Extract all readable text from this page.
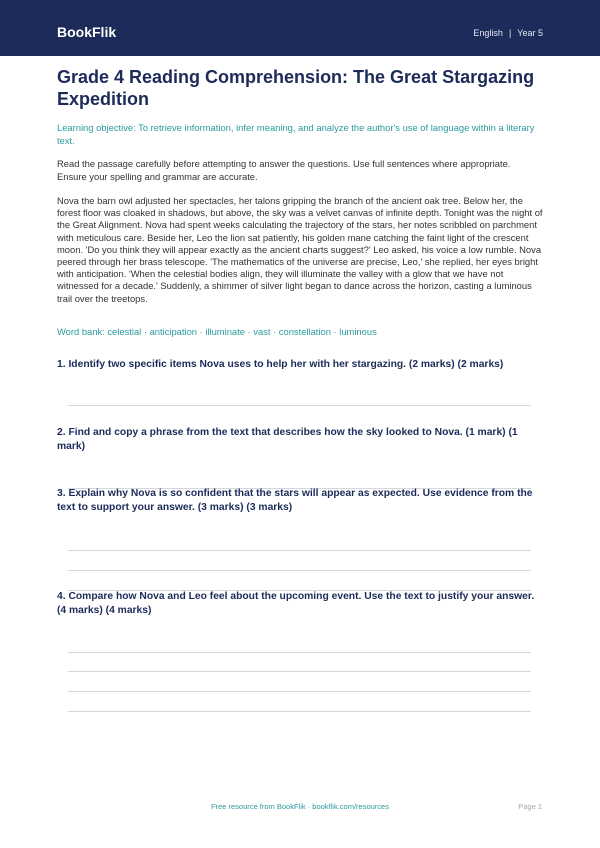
BookFlik	English | Year 5
Grade 4 Reading Comprehension: The Great Stargazing Expedition

Learning objective: To retrieve information, infer meaning, and analyze the author's use of language within a literary text.

Read the passage carefully before attempting to answer the questions. Use full sentences where appropriate. Ensure your spelling and grammar are accurate.

Nova the barn owl adjusted her spectacles, her talons gripping the branch of the ancient oak tree. Below her, the forest floor was cloaked in shadows, but above, the sky was a velvet canvas of infinite depth. Tonight was the night of the Great Alignment. Nova had spent weeks calculating the trajectory of the stars, her notes scribbled on parchment with meticulous care. Beside her, Leo the lion sat patiently, his golden mane catching the faint light of the crescent moon. 'Do you think they will appear exactly as the ancient charts suggest?' Leo asked, his voice a low rumble. Nova peered through her brass telescope. 'The mathematics of the universe are precise, Leo,' she replied, her eyes bright with anticipation. 'When the celestial bodies align, they will illuminate the valley with a glow that we have not witnessed for a decade.' Suddenly, a shimmer of silver light began to dance across the horizon, casting a luminous trail over the treetops.

Word bank: celestial · anticipation · illuminate · vast · constellation · luminous

1. Identify two specific items Nova uses to help her with her stargazing. (2 marks) (2 marks)
2. Find and copy a phrase from the text that describes how the sky looked to Nova. (1 mark) (1 mark)
3. Explain why Nova is so confident that the stars will appear as expected. Use evidence from the text to support your answer. (3 marks) (3 marks)
4. Compare how Nova and Leo feel about the upcoming event. Use the text to justify your answer. (4 marks) (4 marks)
Free resource from BookFlik · bookflik.com/resources	Page 1
